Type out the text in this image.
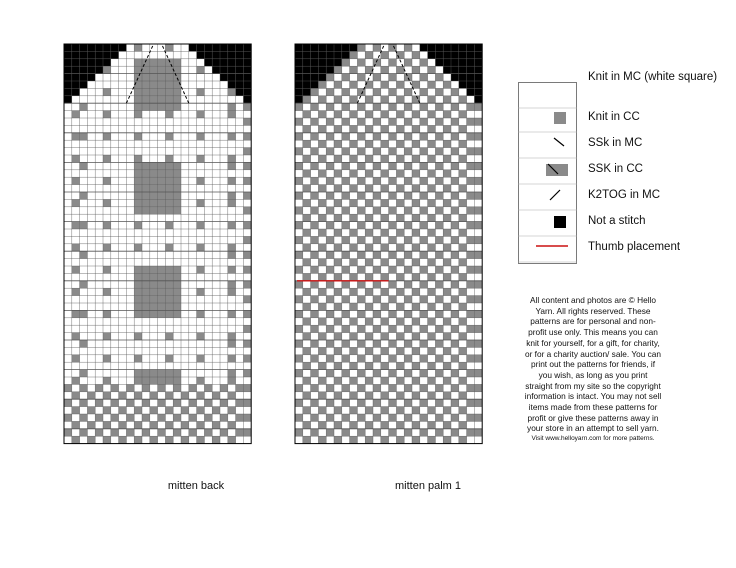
mitten back	mitten palm 1
Knit in MC (white square)
Knit in CC
SSk in MC
SSK in CC
K2TOG in MC
Not a stitch
Thumb placement
All content and photos are © Hello Yarn. All rights reserved. These patterns are for personal and non-profit use only. This means you can knit for yourself, for a gift, for charity, or for a charity auction/ sale. You can print out the patterns for friends, if you wish, as long as you print straight from my site so the copyright information is intact. You may not sell items made from these patterns for profit or give these patterns away in your store in an attempt to sell yarn.
Visit www.helloyarn.com for more patterns.
